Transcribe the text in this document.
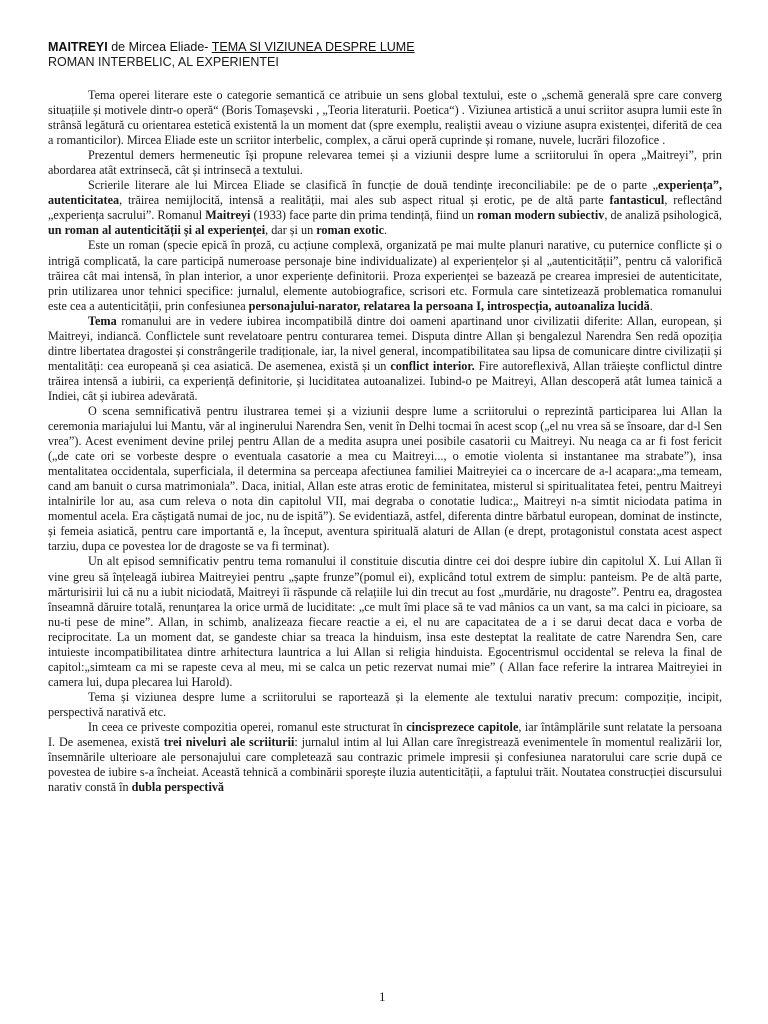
MAITREYI de Mircea Eliade- TEMA SI VIZIUNEA DESPRE LUME

ROMAN INTERBELIC, AL EXPERIENTEI

Tema operei literare este o categorie semantică ce atribuie un sens global textului, este o „schemă generală spre care converg situațiile și motivele dintr-o operă“ (Boris Tomașevski , „Teoria literaturii. Poetica“) . Viziunea artistică a unui scriitor asupra lumii este în strânsă legătură cu orientarea estetică existentă la un moment dat (spre exemplu, realiștii aveau o viziune asupra existenței, diferită de cea a romanticilor). Mircea Eliade este un scriitor interbelic, complex, a cărui operă cuprinde și romane, nuvele, lucrări filozofice .

Prezentul demers hermeneutic își propune relevarea temei și a viziunii despre lume a scriitorului în opera „Maitreyi”, prin abordarea atât extrinsecă, cât și intrinsecă a textului.

Scrierile literare ale lui Mircea Eliade se clasifică în funcție de două tendințe ireconciliabile: pe de o parte „experiența”, autenticitatea, trăirea nemijlocită, intensă a realității, mai ales sub aspect ritual și erotic, pe de altă parte fantasticul, reflectând „experiența sacrului”. Romanul Maitreyi (1933) face parte din prima tendință, fiind un roman modern subiectiv, de analiză psihologică, un roman al autenticității și al experienței, dar și un roman exotic.

Este un roman (specie epică în proză, cu acțiune complexă, organizată pe mai multe planuri narative, cu puternice conflicte și o intrigă complicată, la care participă numeroase personaje bine individualizate) al experiențelor și al „autenticității”, pentru că valorifică trăirea cât mai intensă, în plan interior, a unor experiențe definitorii. Proza experienței se bazează pe crearea impresiei de autenticitate, prin utilizarea unor tehnici specifice: jurnalul, elemente autobiografice, scrisori etc. Formula care sintetizează problematica romanului este cea a autenticității, prin confesiunea personajului-narator, relatarea la persoana I, introspecția, autoanaliza lucidă.

Tema romanului are in vedere iubirea incompatibilă dintre doi oameni apartinand unor civilizatii diferite: Allan, european, și Maitreyi, indiancă. Conflictele sunt revelatoare pentru conturarea temei. Disputa dintre Allan și bengalezul Narendra Sen redă opoziția dintre libertatea dragostei și constrângerile tradiționale, iar, la nivel general, incompatibilitatea sau lipsa de comunicare dintre civilizații și mentalități: cea europeană și cea asiatică. De asemenea, există și un conflict interior. Fire autoreflexivă, Allan trăiește conflictul dintre trăirea intensă a iubirii, ca experiență definitorie, și luciditatea autoanalizei. Iubind-o pe Maitreyi, Allan descoperă atât lumea tainică a Indiei, cât și iubirea adevărată.

O scena semnificativă pentru ilustrarea temei și a viziunii despre lume a scriitorului o reprezintă participarea lui Allan la ceremonia mariajului lui Mantu, văr al inginerului Narendra Sen, venit în Delhi tocmai în acest scop („el nu vrea să se însoare, dar d-l Sen vrea”). Acest eveniment devine prilej pentru Allan de a medita asupra unei posibile casatorii cu Maitreyi. Nu neaga ca ar fi fost fericit („de cate ori se vorbeste despre o eventuala casatorie a mea cu Maitreyi..., o emotie violenta si instantanee ma strabate”), insa mentalitatea occidentala, superficiala, il determina sa perceapa afectiunea familiei Maitreyiei ca o incercare de a-l acapara:„ma temeam, cand am banuit o cursa matrimoniala”. Daca, initial, Allan este atras erotic de feminitatea, misterul si spiritualitatea fetei, pentru Maitreyi intalnirile lor au, asa cum releva o nota din capitolul VII, mai degraba o conotatie ludica:„ Maitreyi n-a simtit niciodata patima in momentul acela. Era căștigată numai de joc, nu de ispită”). Se evidentiază, astfel, diferenta dintre bărbatul european, dominat de instincte, și femeia asiatică, pentru care importantă e, la început, aventura spirituală alaturi de Allan (e drept, protagonistul constata acest aspect tarziu, dupa ce povestea lor de dragoste se va fi terminat).

Un alt episod semnificativ pentru tema romanului il constituie discutia dintre cei doi despre iubire din capitolul X. Lui Allan îi vine greu să înțeleagă iubirea Maitreyiei pentru „șapte frunze”(pomul ei), explicând totul extrem de simplu: panteism. Pe de altă parte, mărturisirii lui că nu a iubit niciodată, Maitreyi îi răspunde că relațiile lui din trecut au fost „murdărie, nu dragoste”. Pentru ea, dragostea înseamnă dăruire totală, renunțarea la orice urmă de luciditate: „ce mult îmi place să te vad mânios ca un vant, sa ma calci in picioare, sa nu-ti pese de mine”. Allan, in schimb, analizeaza fiecare reactie a ei, el nu are capacitatea de a i se darui decat daca e vorba de reciprocitate. La un moment dat, se gandeste chiar sa treaca la hinduism, insa este desteptat la realitate de catre Narendra Sen, care intuieste incompatibilitatea dintre arhitectura launtrica a lui Allan si religia hinduista. Egocentrismul occidental se releva la final de capitol:„simteam ca mi se rapeste ceva al meu, mi se calca un petic rezervat numai mie” ( Allan face referire la intrarea Maitreyiei in camera lui, dupa plecarea lui Harold).

Tema și viziunea despre lume a scriitorului se raportează și la elemente ale textului narativ precum: compoziție, incipit, perspectivă narativă etc.

In ceea ce priveste compozitia operei, romanul este structurat în cincisprezece capitole, iar întâmplările sunt relatate la persoana I. De asemenea, există trei niveluri ale scriiturii: jurnalul intim al lui Allan care înregistrează evenimentele în momentul realizării lor, însemnările ulterioare ale personajului care completează sau contrazic primele impresii și confesiunea naratorului care scrie după ce povestea de iubire s-a încheiat. Această tehnică a combinării sporește iluzia autenticității, a faptului trăit. Noutatea construcției discursului narativ constă în dubla perspectivă

1
